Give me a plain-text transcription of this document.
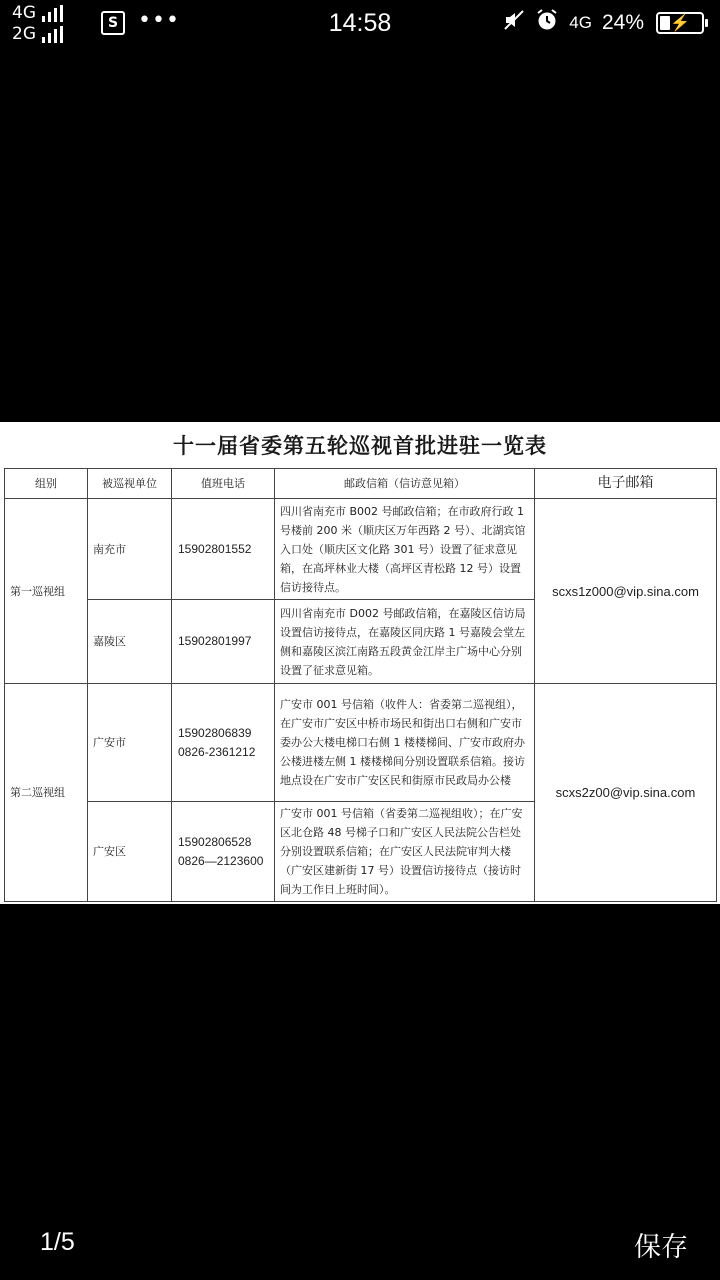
4G
2G
S •••	14:58	4G 24%	⚡
十一届省委第五轮巡视首批进驻一览表
组别	被巡视单位	值班电话	邮政信箱（信访意见箱）	电子邮箱
第一巡视组	南充市	15902801552	四川省南充市 B002 号邮政信箱；在市政府行政 1 号楼前 200 米（顺庆区万年西路 2 号）、北湖宾馆入口处（顺庆区文化路 301 号）设置了征求意见箱，在高坪林业大楼（高坪区青松路 12 号）设置信访接待点。	scxs1z000@vip.sina.com
	嘉陵区	15902801997	四川省南充市 D002 号邮政信箱，在嘉陵区信访局设置信访接待点，在嘉陵区同庆路 1 号嘉陵会堂左侧和嘉陵区滨江南路五段黄金江岸主广场中心分别设置了征求意见箱。	
第二巡视组	广安市	15902806839
0826-2361212	广安市 001 号信箱（收件人：省委第二巡视组），在广安市广安区中桥市场民和街出口右侧和广安市委办公大楼电梯口右侧 1 楼楼梯间、广安市政府办公楼进楼左侧 1 楼楼梯间分别设置联系信箱。接访地点设在广安市广安区民和街原市民政局办公楼	scxs2z00@vip.sina.com
	广安区	15902806528
0826—2123600	广安市 001 号信箱（省委第二巡视组收）；在广安区北仓路 48 号梯子口和广安区人民法院公告栏处分别设置联系信箱；在广安区人民法院审判大楼（广安区建新街 17 号）设置信访接待点（接访时间为工作日上班时间）。	
1/5	保存
